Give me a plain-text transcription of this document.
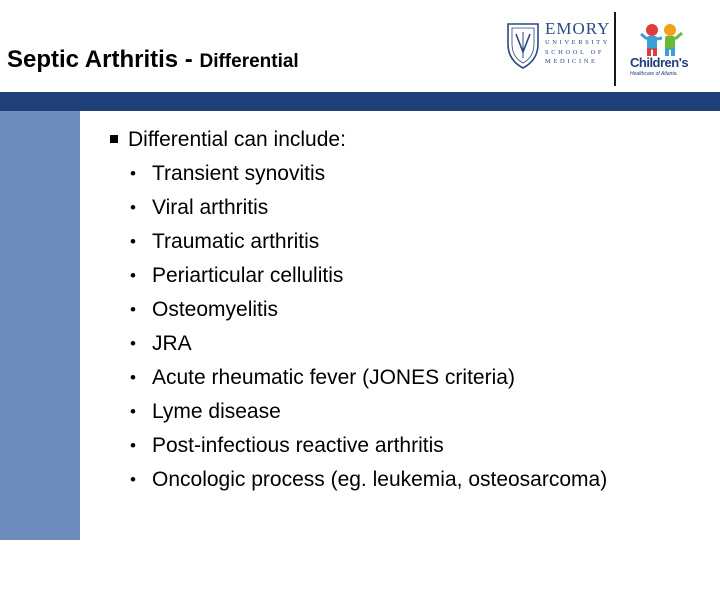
Septic Arthritis - Differential
EMORY
UNIVERSITY
SCHOOL OF
MEDICINE	Children's
Healthcare of Atlanta
9
Differential can include:
• Transient synovitis
• Viral arthritis
• Traumatic arthritis
• Periarticular cellulitis
• Osteomyelitis
• JRA
• Acute rheumatic fever (JONES criteria)
• Lyme disease
• Post-infectious reactive arthritis
• Oncologic process (eg. leukemia, osteosarcoma)
